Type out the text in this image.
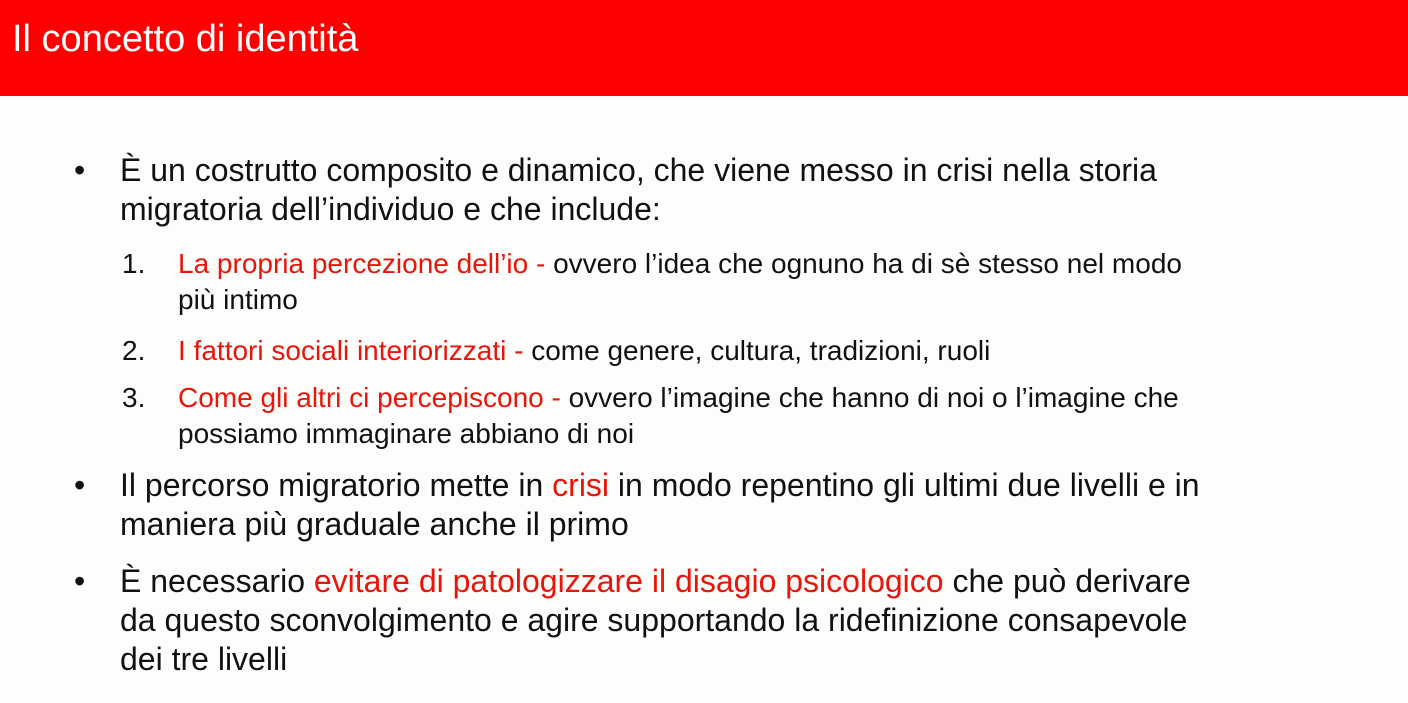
Il concetto di identità
• È un costrutto composito e dinamico, che viene messo in crisi nella storia
migratoria dell’individuo e che include:
1. La propria percezione dell’io - ovvero l’idea che ognuno ha di sè stesso nel modo
più intimo
2. I fattori sociali interiorizzati - come genere, cultura, tradizioni, ruoli
3. Come gli altri ci percepiscono - ovvero l’imagine che hanno di noi o l’imagine che
possiamo immaginare abbiano di noi
• Il percorso migratorio mette in crisi in modo repentino gli ultimi due livelli e in
maniera più graduale anche il primo
• È necessario evitare di patologizzare il disagio psicologico che può derivare
da questo sconvolgimento e agire supportando la ridefinizione consapevole
dei tre livelli
